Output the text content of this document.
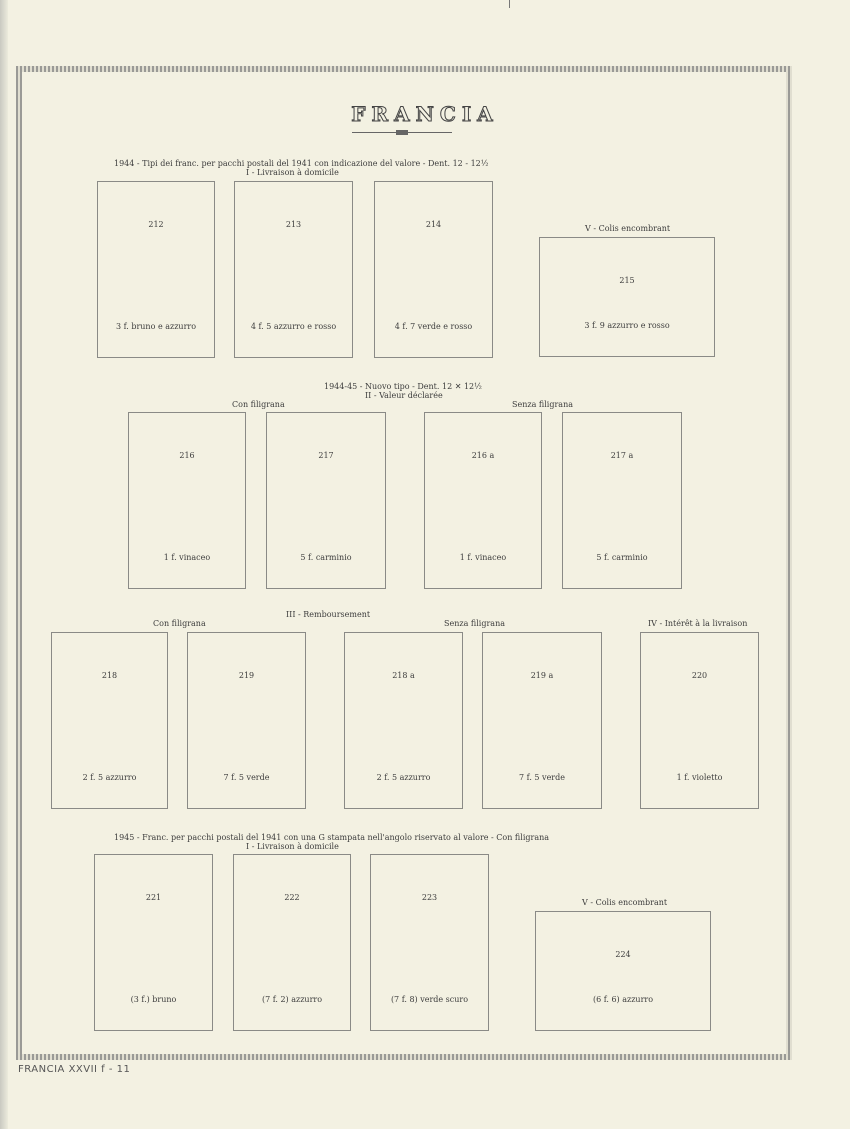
FRANCIA
1944 - Tipi dei franc. per pacchi postali del 1941 con indicazione del valore - Dent. 12 - 12½
I - Livraison à domicile
V - Colis encombrant
212
3 f. bruno e azzurro
213
4 f. 5 azzurro e rosso
214
4 f. 7 verde e rosso
215
3 f. 9 azzurro e rosso
1944-45 - Nuovo tipo - Dent. 12 ✕ 12½
II - Valeur déclarée
Con filigrana	Senza filigrana
216
1 f. vinaceo
217
5 f. carminio
216 a
1 f. vinaceo
217 a
5 f. carminio
III - Remboursement
Con filigrana	Senza filigrana	IV - Intérêt à la livraison
218
2 f. 5 azzurro
219
7 f. 5 verde
218 a
2 f. 5 azzurro
219 a
7 f. 5 verde
220
1 f. violetto
1945 - Franc. per pacchi postali del 1941 con una G stampata nell'angolo riservato al valore - Con filigrana
I - Livraison à domicile
V - Colis encombrant
221
(3 f.) bruno
222
(7 f. 2) azzurro
223
(7 f. 8) verde scuro
224
(6 f. 6) azzurro
FRANCIA XXVII f - 11
